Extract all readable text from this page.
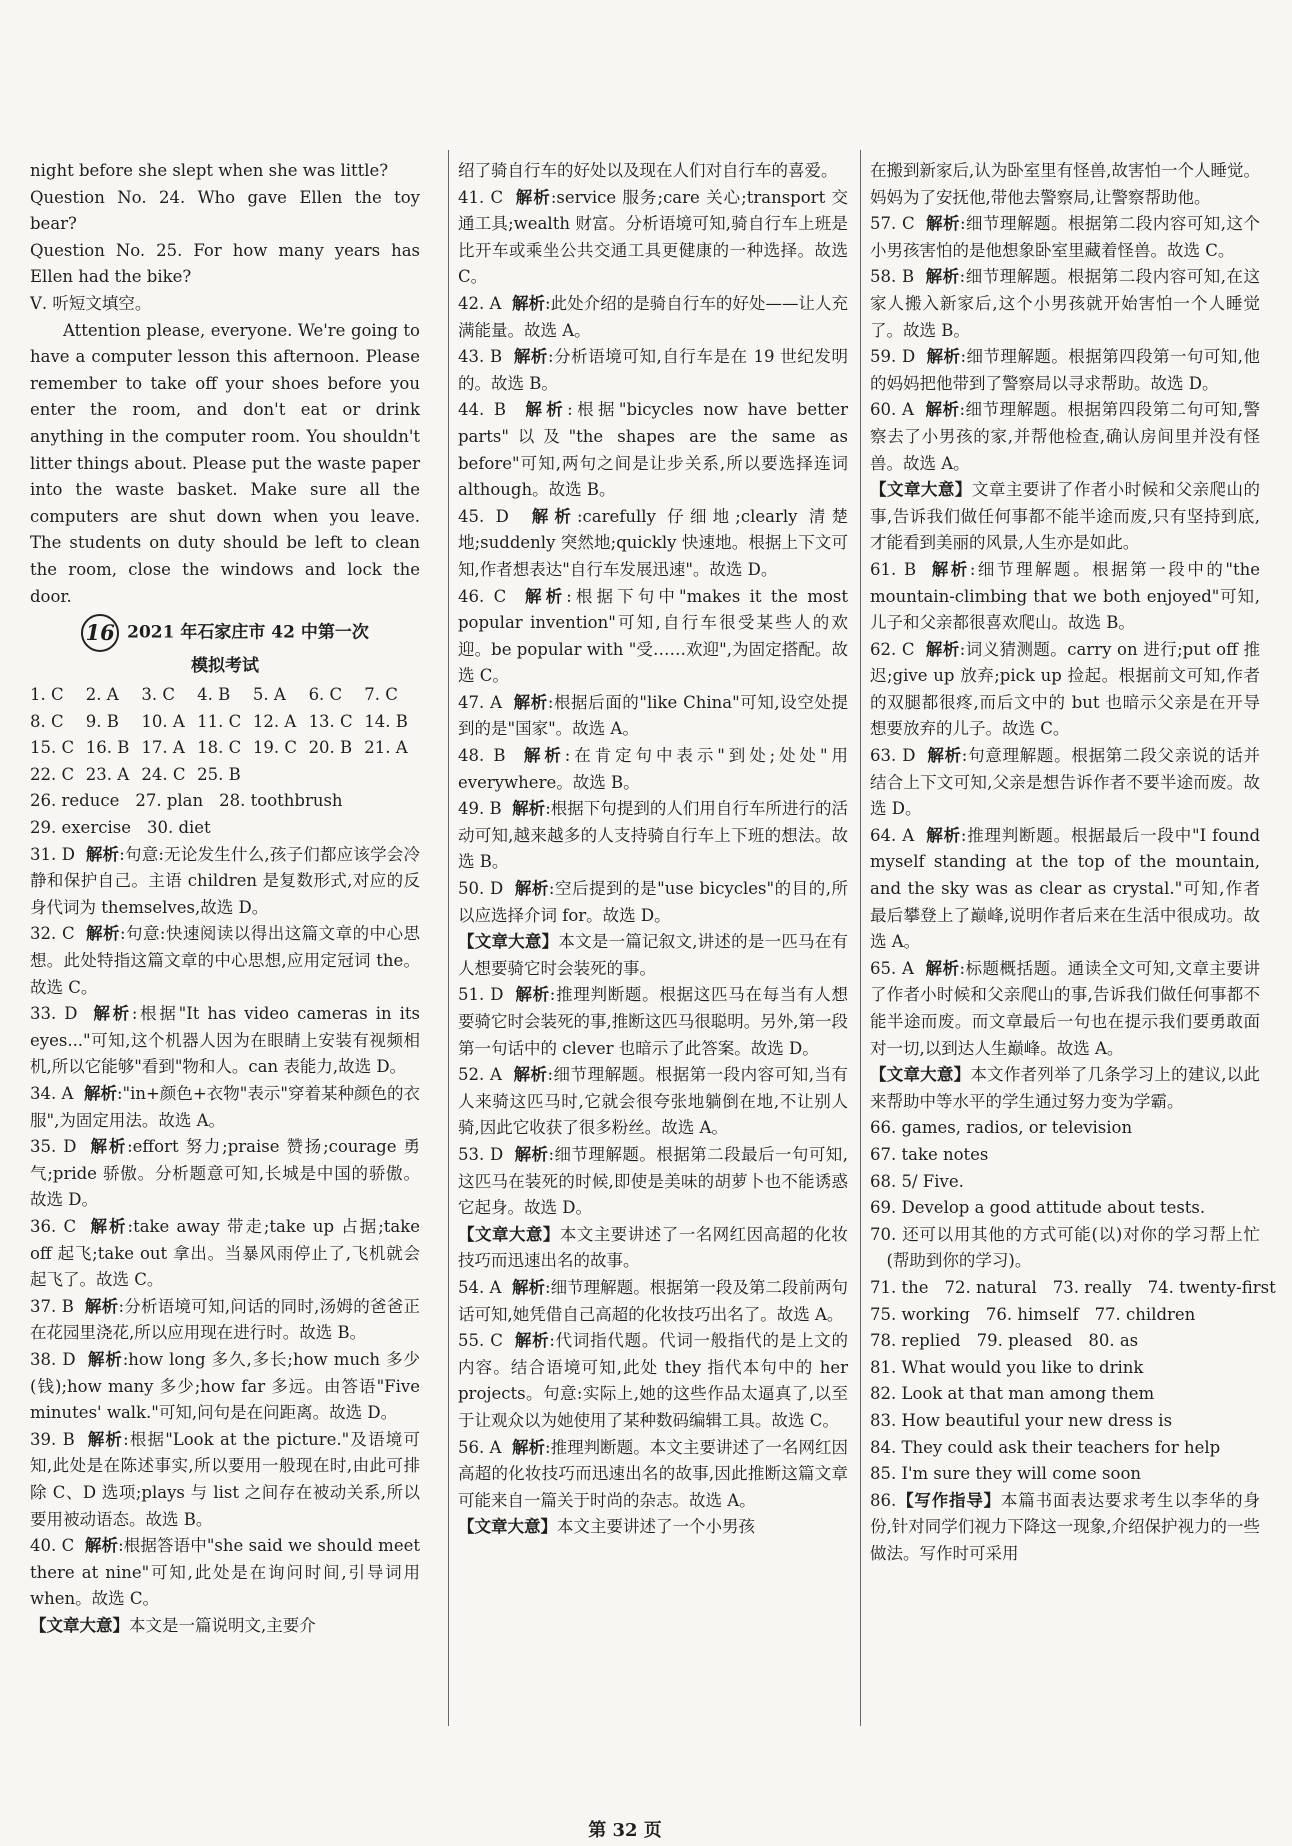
night before she slept when she was little?

Question No. 24. Who gave Ellen the toy bear?

Question No. 25. For how many years has Ellen had the bike?

Ⅴ. 听短文填空。

Attention please, everyone. We're going to have a computer lesson this afternoon. Please remember to take off your shoes before you enter the room, and don't eat or drink anything in the computer room. You shouldn't litter things about. Please put the waste paper into the waste basket. Make sure all the computers are shut down when you leave. The students on duty should be left to clean the room, close the windows and lock the door.

16 2021 年石家庄市 42 中第一次
模拟考试
1. C	2. A	3. C	4. B	5. A	6. C	7. C
8. C	9. B	10. A 11. C 12. A 13. C 14. B
15. C 16. B 17. A 18. C 19. C 20. B 21. A
22. C 23. A 24. C 25. B
26. reduce 27. plan 28. toothbrush
29. exercise 30. diet

31. D 解析:句意:无论发生什么,孩子们都应该学会冷静和保护自己。主语 children 是复数形式,对应的反身代词为 themselves,故选 D。

32. C 解析:句意:快速阅读以得出这篇文章的中心思想。此处特指这篇文章的中心思想,应用定冠词 the。故选 C。

33. D 解析:根据"It has video cameras in its eyes..."可知,这个机器人因为在眼睛上安装有视频相机,所以它能够"看到"物和人。can 表能力,故选 D。

34. A 解析:"in+颜色+衣物"表示"穿着某种颜色的衣服",为固定用法。故选 A。

35. D 解析:effort 努力;praise 赞扬;courage 勇气;pride 骄傲。分析题意可知,长城是中国的骄傲。故选 D。

36. C 解析:take away 带走;take up 占据;take off 起飞;take out 拿出。当暴风雨停止了,飞机就会起飞了。故选 C。

37. B 解析:分析语境可知,问话的同时,汤姆的爸爸正在花园里浇花,所以应用现在进行时。故选 B。

38. D 解析:how long 多久,多长;how much 多少(钱);how many 多少;how far 多远。由答语"Five minutes' walk."可知,问句是在问距离。故选 D。

39. B 解析:根据"Look at the picture."及语境可知,此处是在陈述事实,所以要用一般现在时,由此可排除 C、D 选项;plays 与 list 之间存在被动关系,所以要用被动语态。故选 B。

40. C 解析:根据答语中"she said we should meet there at nine"可知,此处是在询问时间,引导词用 when。故选 C。

【文章大意】本文是一篇说明文,主要介

绍了骑自行车的好处以及现在人们对自行车的喜爱。

41. C 解析:service 服务;care 关心;transport 交通工具;wealth 财富。分析语境可知,骑自行车上班是比开车或乘坐公共交通工具更健康的一种选择。故选 C。

42. A 解析:此处介绍的是骑自行车的好处——让人充满能量。故选 A。

43. B 解析:分析语境可知,自行车是在 19 世纪发明的。故选 B。

44. B 解析:根据"bicycles now have better parts"以及"the shapes are the same as before"可知,两句之间是让步关系,所以要选择连词 although。故选 B。

45. D 解析:carefully 仔细地;clearly 清楚地;suddenly 突然地;quickly 快速地。根据上下文可知,作者想表达"自行车发展迅速"。故选 D。

46. C 解析:根据下句中"makes it the most popular invention"可知,自行车很受某些人的欢迎。be popular with "受……欢迎",为固定搭配。故选 C。

47. A 解析:根据后面的"like China"可知,设空处提到的是"国家"。故选 A。

48. B 解析:在肯定句中表示"到处;处处"用 everywhere。故选 B。

49. B 解析:根据下句提到的人们用自行车所进行的活动可知,越来越多的人支持骑自行车上下班的想法。故选 B。

50. D 解析:空后提到的是"use bicycles"的目的,所以应选择介词 for。故选 D。

【文章大意】本文是一篇记叙文,讲述的是一匹马在有人想要骑它时会装死的事。

51. D 解析:推理判断题。根据这匹马在每当有人想要骑它时会装死的事,推断这匹马很聪明。另外,第一段第一句话中的 clever 也暗示了此答案。故选 D。

52. A 解析:细节理解题。根据第一段内容可知,当有人来骑这匹马时,它就会很夸张地躺倒在地,不让别人骑,因此它收获了很多粉丝。故选 A。

53. D 解析:细节理解题。根据第二段最后一句可知,这匹马在装死的时候,即使是美味的胡萝卜也不能诱惑它起身。故选 D。

【文章大意】本文主要讲述了一名网红因高超的化妆技巧而迅速出名的故事。

54. A 解析:细节理解题。根据第一段及第二段前两句话可知,她凭借自己高超的化妆技巧出名了。故选 A。

55. C 解析:代词指代题。代词一般指代的是上文的内容。结合语境可知,此处 they 指代本句中的 her projects。句意:实际上,她的这些作品太逼真了,以至于让观众以为她使用了某种数码编辑工具。故选 C。

56. A 解析:推理判断题。本文主要讲述了一名网红因高超的化妆技巧而迅速出名的故事,因此推断这篇文章可能来自一篇关于时尚的杂志。故选 A。

【文章大意】本文主要讲述了一个小男孩

在搬到新家后,认为卧室里有怪兽,故害怕一个人睡觉。妈妈为了安抚他,带他去警察局,让警察帮助他。

57. C 解析:细节理解题。根据第二段内容可知,这个小男孩害怕的是他想象卧室里藏着怪兽。故选 C。

58. B 解析:细节理解题。根据第二段内容可知,在这家人搬入新家后,这个小男孩就开始害怕一个人睡觉了。故选 B。

59. D 解析:细节理解题。根据第四段第一句可知,他的妈妈把他带到了警察局以寻求帮助。故选 D。

60. A 解析:细节理解题。根据第四段第二句可知,警察去了小男孩的家,并帮他检查,确认房间里并没有怪兽。故选 A。

【文章大意】文章主要讲了作者小时候和父亲爬山的事,告诉我们做任何事都不能半途而废,只有坚持到底,才能看到美丽的风景,人生亦是如此。

61. B 解析:细节理解题。根据第一段中的"the mountain-climbing that we both enjoyed"可知,儿子和父亲都很喜欢爬山。故选 B。

62. C 解析:词义猜测题。carry on 进行;put off 推迟;give up 放弃;pick up 捡起。根据前文可知,作者的双腿都很疼,而后文中的 but 也暗示父亲是在开导想要放弃的儿子。故选 C。

63. D 解析:句意理解题。根据第二段父亲说的话并结合上下文可知,父亲是想告诉作者不要半途而废。故选 D。

64. A 解析:推理判断题。根据最后一段中"I found myself standing at the top of the mountain, and the sky was as clear as crystal."可知,作者最后攀登上了巅峰,说明作者后来在生活中很成功。故选 A。

65. A 解析:标题概括题。通读全文可知,文章主要讲了作者小时候和父亲爬山的事,告诉我们做任何事都不能半途而废。而文章最后一句也在提示我们要勇敢面对一切,以到达人生巅峰。故选 A。

【文章大意】本文作者列举了几条学习上的建议,以此来帮助中等水平的学生通过努力变为学霸。

66. games, radios, or television

67. take notes

68. 5/ Five.

69. Develop a good attitude about tests.

70. 还可以用其他的方式可能(以)对你的学习帮上忙(帮助到你的学习)。

71. the 72. natural 73. really 74. twenty-first
75. working 76. himself 77. children
78. replied 79. pleased 80. as

81. What would you like to drink

82. Look at that man among them

83. How beautiful your new dress is

84. They could ask their teachers for help

85. I'm sure they will come soon

86.【写作指导】本篇书面表达要求考生以李华的身份,针对同学们视力下降这一现象,介绍保护视力的一些做法。写作时可采用

第 32 页
